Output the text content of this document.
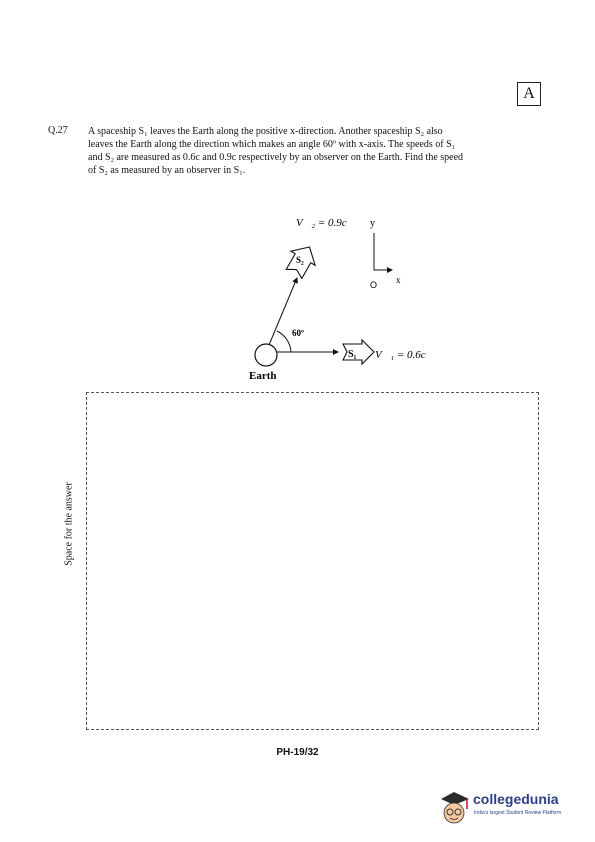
A
Q.27 A spaceship S₁ leaves the Earth along the positive x-direction. Another spaceship S₂ also
leaves the Earth along the direction which makes an angle 60º with x-axis. The speeds of S₁
and S₂ are measured as 0.6c and 0.9c respectively by an observer on the Earth. Find the speed
of S₂ as measured by an observer in S₁.
Earth
S₁ V⃗₁ = 0.6c
60º
S₂
V⃗₂ = 0.9c y
x
O
Space for the answer
PH-19/32
collegedunia
India's largest Student Review Platform
